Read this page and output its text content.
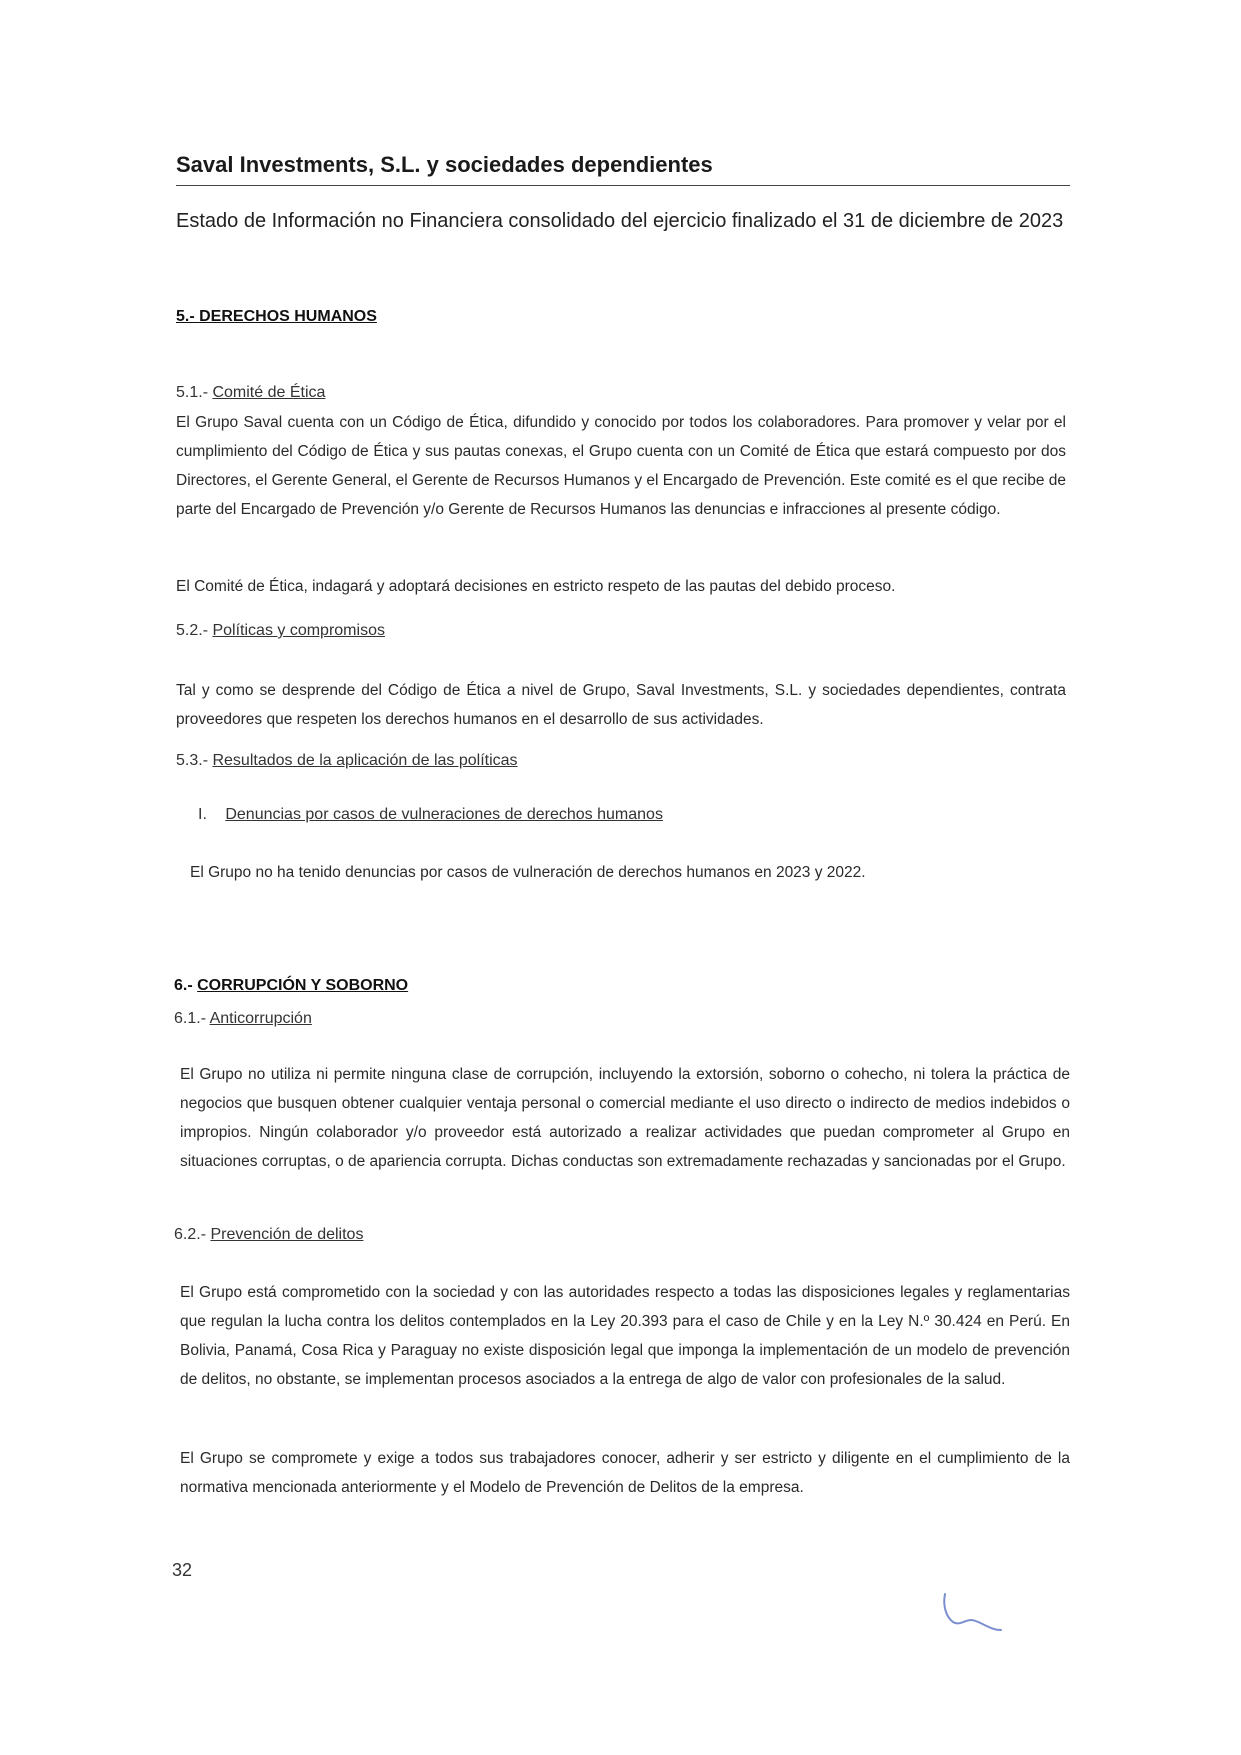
Saval Investments, S.L. y sociedades dependientes
Estado de Información no Financiera consolidado del ejercicio finalizado el 31 de diciembre de 2023
5.- DERECHOS HUMANOS
5.1.- Comité de Ética
El Grupo Saval cuenta con un Código de Ética, difundido y conocido por todos los colaboradores. Para promover y velar por el cumplimiento del Código de Ética y sus pautas conexas, el Grupo cuenta con un Comité de Ética que estará compuesto por dos Directores, el Gerente General, el Gerente de Recursos Humanos y el Encargado de Prevención. Este comité es el que recibe de parte del Encargado de Prevención y/o Gerente de Recursos Humanos las denuncias e infracciones al presente código.
El Comité de Ética, indagará y adoptará decisiones en estricto respeto de las pautas del debido proceso.
5.2.- Políticas y compromisos
Tal y como se desprende del Código de Ética a nivel de Grupo, Saval Investments, S.L. y sociedades dependientes, contrata proveedores que respeten los derechos humanos en el desarrollo de sus actividades.
5.3.- Resultados de la aplicación de las políticas
I. Denuncias por casos de vulneraciones de derechos humanos
El Grupo no ha tenido denuncias por casos de vulneración de derechos humanos en 2023 y 2022.
6.- CORRUPCIÓN Y SOBORNO
6.1.- Anticorrupción
El Grupo no utiliza ni permite ninguna clase de corrupción, incluyendo la extorsión, soborno o cohecho, ni tolera la práctica de negocios que busquen obtener cualquier ventaja personal o comercial mediante el uso directo o indirecto de medios indebidos o impropios. Ningún colaborador y/o proveedor está autorizado a realizar actividades que puedan comprometer al Grupo en situaciones corruptas, o de apariencia corrupta. Dichas conductas son extremadamente rechazadas y sancionadas por el Grupo.
6.2.- Prevención de delitos
El Grupo está comprometido con la sociedad y con las autoridades respecto a todas las disposiciones legales y reglamentarias que regulan la lucha contra los delitos contemplados en la Ley 20.393 para el caso de Chile y en la Ley N.º 30.424 en Perú. En Bolivia, Panamá, Cosa Rica y Paraguay no existe disposición legal que imponga la implementación de un modelo de prevención de delitos, no obstante, se implementan procesos asociados a la entrega de algo de valor con profesionales de la salud.
El Grupo se compromete y exige a todos sus trabajadores conocer, adherir y ser estricto y diligente en el cumplimiento de la normativa mencionada anteriormente y el Modelo de Prevención de Delitos de la empresa.
32
